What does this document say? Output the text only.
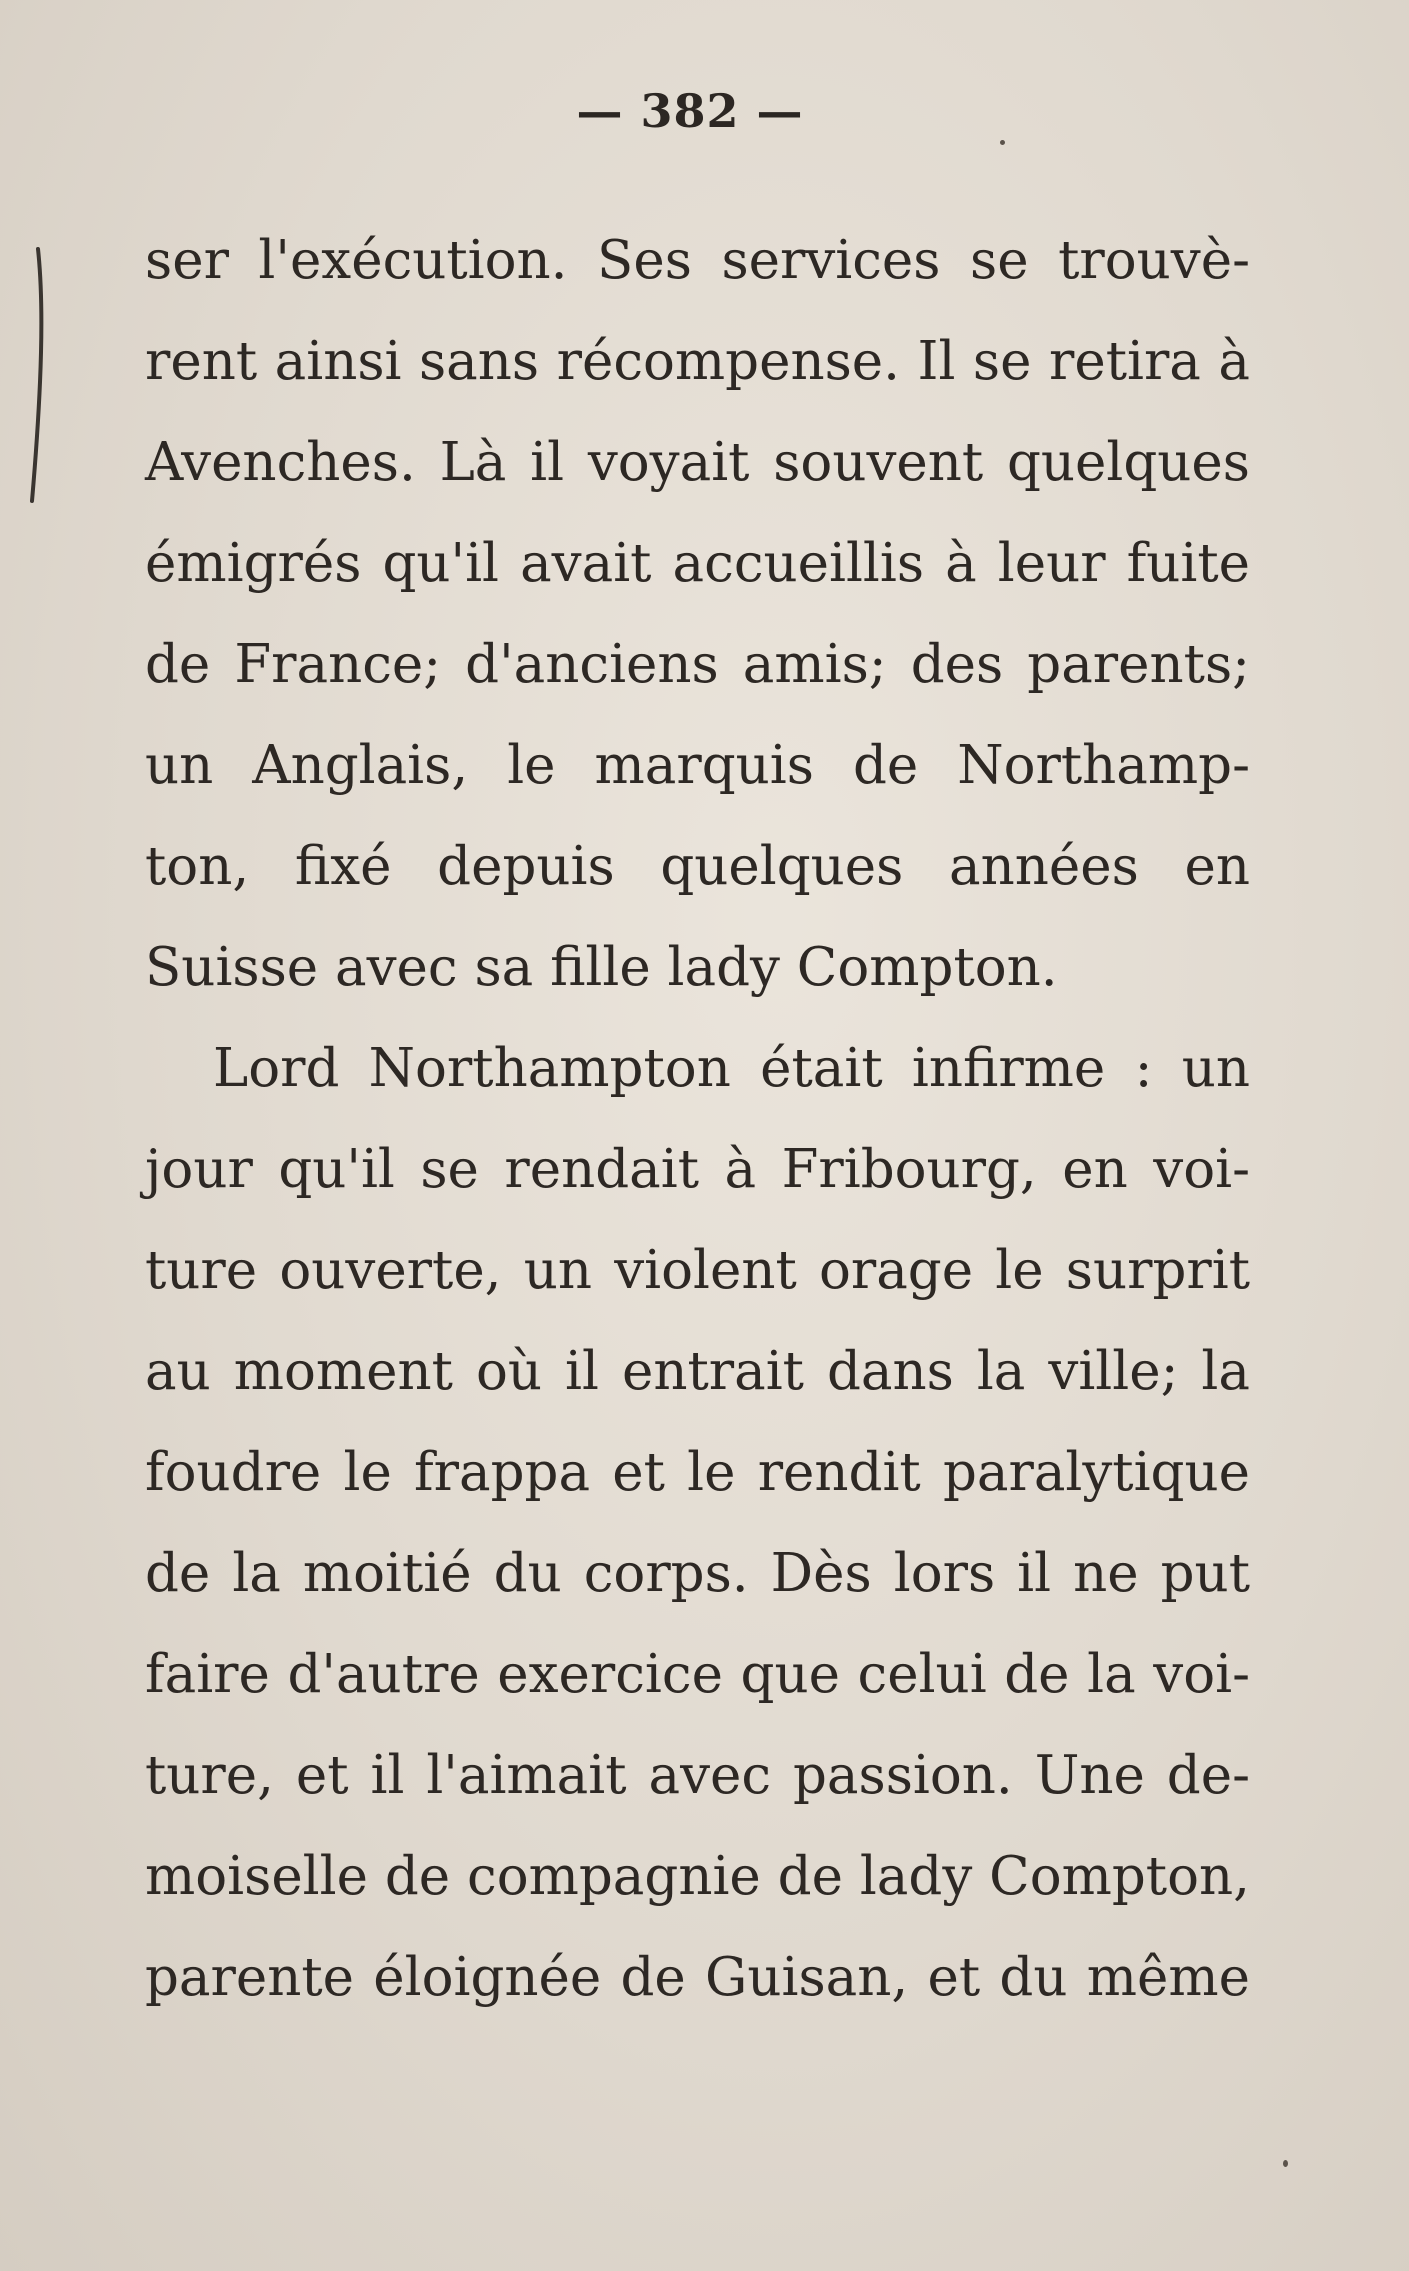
— 382 —
ser l'exécution. Ses services se trouvè-
rent ainsi sans récompense. Il se retira à
Avenches. Là il voyait souvent quelques
émigrés qu'il avait accueillis à leur fuite
de France; d'anciens amis; des parents;
un Anglais, le marquis de Northamp-
ton, fixé depuis quelques années en
Suisse avec sa fille lady Compton.
Lord Northampton était infirme : un
jour qu'il se rendait à Fribourg, en voi-
ture ouverte, un violent orage le surprit
au moment où il entrait dans la ville; la
foudre le frappa et le rendit paralytique
de la moitié du corps. Dès lors il ne put
faire d'autre exercice que celui de la voi-
ture, et il l'aimait avec passion. Une de-
moiselle de compagnie de lady Compton,
parente éloignée de Guisan, et du même
